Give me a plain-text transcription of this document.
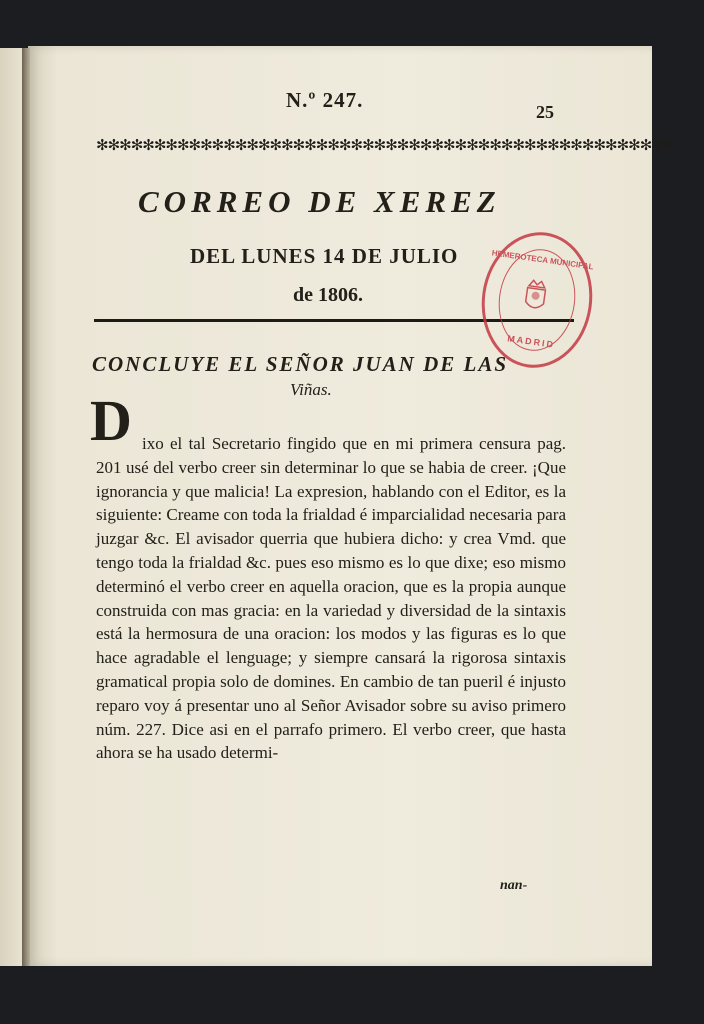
N.º 247.	25
✻✻✻✻✻✻✻✻✻✻✻✻✻✻✻✻✻✻✻✻✻✻✻✻✻✻✻✻✻✻✻✻✻✻✻✻✻✻✻✻✻✻✻✻✻✻✻✻✻✻
CORREO DE XEREZ
DEL LUNES 14 DE JULIO
de 1806.
HEMEROTECA MUNICIPAL
MADRID
CONCLUYE EL SEÑOR JUAN DE LAS
Viñas.
D ixo el tal Secretario fingido que en mi primera censura pag. 201 usé del verbo creer sin determinar lo que se habia de creer. ¡Que ignorancia y que malicia! La expresion, hablando con el Editor, es la siguiente: Creame con toda la frialdad é imparcialidad necesaria para juzgar &c. El avisador querria que hubiera dicho: y crea Vmd. que tengo toda la frialdad &c. pues eso mismo es lo que dixe; eso mismo determinó el verbo creer en aquella oracion, que es la propia aunque construida con mas gracia: en la variedad y diversidad de la sintaxis está la hermosura de una oracion: los modos y las figuras es lo que hace agradable el lenguage; y siempre cansará la rigorosa sintaxis gramatical propia solo de domines. En cambio de tan pueril é injusto reparo voy á presentar uno al Señor Avisador sobre su aviso primero núm. 227. Dice asi en el parrafo primero. El verbo creer, que hasta ahora se ha usado determi-

nan-
